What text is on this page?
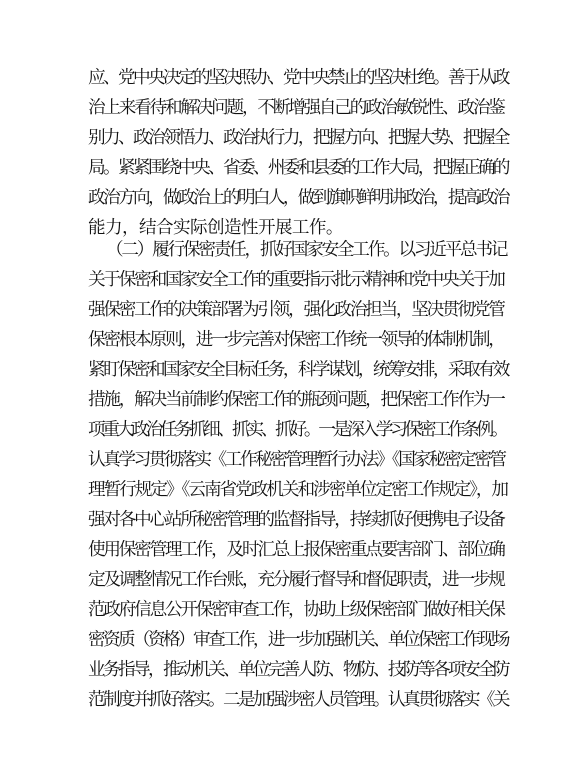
应、党中央决定的坚决照办、党中央禁止的坚决杜绝。善于从政
治上来看待和解决问题，不断增强自己的政治敏锐性、政治鉴
别力、政治领悟力、政治执行力，把握方向、把握大势、把握全
局。紧紧围绕中央、省委、州委和县委的工作大局，把握正确的
政治方向，做政治上的明白人，做到旗帜鲜明讲政治，提高政治
能力，结合实际创造性开展工作。
（二）履行保密责任，抓好国家安全工作。以习近平总书记
关于保密和国家安全工作的重要指示批示精神和党中央关于加
强保密工作的决策部署为引领，强化政治担当，坚决贯彻党管
保密根本原则，进一步完善对保密工作统一领导的体制机制，
紧盯保密和国家安全目标任务，科学谋划，统筹安排，采取有效
措施，解决当前制约保密工作的瓶颈问题，把保密工作作为一
项重大政治任务抓细、抓实、抓好。一是深入学习保密工作条例。
认真学习贯彻落实《工作秘密管理暂行办法》《国家秘密定密管
理暂行规定》《云南省党政机关和涉密单位定密工作规定》，加
强对各中心站所秘密管理的监督指导，持续抓好便携电子设备
使用保密管理工作，及时汇总上报保密重点要害部门、部位确
定及调整情况工作台账，充分履行督导和督促职责，进一步规
范政府信息公开保密审查工作，协助上级保密部门做好相关保
密资质（资格）审查工作，进一步加强机关、单位保密工作现场
业务指导，推动机关、单位完善人防、物防、技防等各项安全防
范制度并抓好落实。二是加强涉密人员管理。认真贯彻落实《关
